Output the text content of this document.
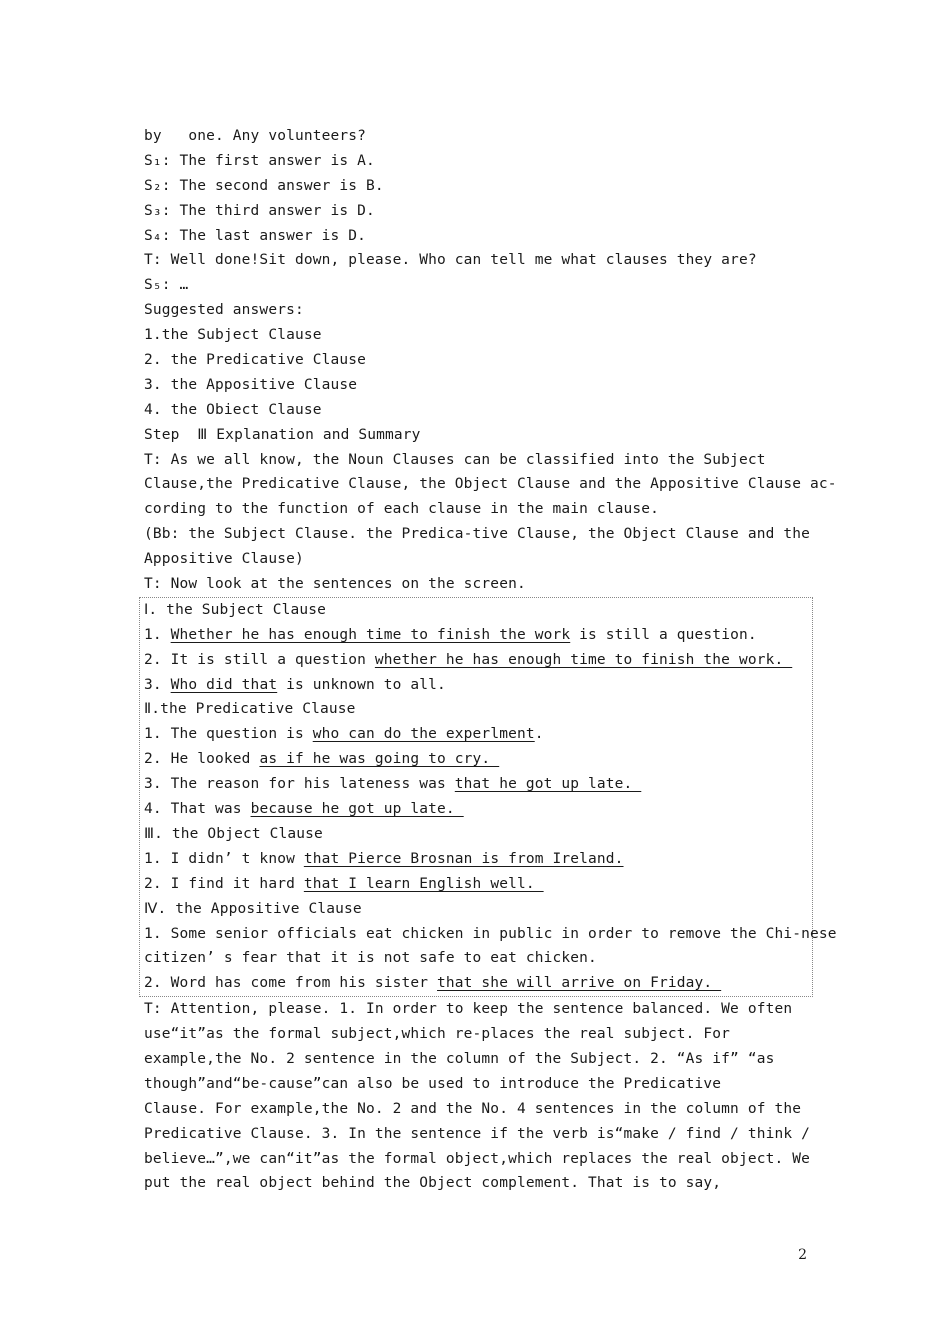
by   one. Any volunteers?
S₁: The first answer is A.
S₂: The second answer is B.
S₃: The third answer is D.
S₄: The last answer is D.
T: Well done!Sit down, please. Who can tell me what clauses they are?
S₅: …
Suggested answers:
1.the Subject Clause
2. the Predicative Clause
3. the Appositive Clause
4. the Obiect Clause
Step  Ⅲ Explanation and Summary
T: As we all know, the Noun Clauses can be classified into the Subject
Clause,the Predicative Clause, the Object Clause and the Appositive Clause ac-
cording to the function of each clause in the main clause.
(Bb: the Subject Clause. the Predica-tive Clause, the Object Clause and the
Appositive Clause)
T: Now look at the sentences on the screen.
Ⅰ. the Subject Clause
1. Whether he has enough time to finish the work is still a question.
2. It is still a question whether he has enough time to finish the work.
3. Who did that is unknown to all.
Ⅱ.the Predicative Clause
1. The question is who can do the experlment.
2. He looked as if he was going to cry.
3. The reason for his lateness was that he got up late.
4. That was because he got up late.
Ⅲ. the Object Clause
1. I didn’ t know that Pierce Brosnan is from Ireland.
2. I find it hard that I learn English well.
Ⅳ. the Appositive Clause
1. Some senior officials eat chicken in public in order to remove the Chi-nese
citizen’ s fear that it is not safe to eat chicken.
2. Word has come from his sister that she will arrive on Friday.
T: Attention, please. 1. In order to keep the sentence balanced. We often
use“it”as the formal subject,which re-places the real subject. For
example,the No. 2 sentence in the column of the Subject. 2. “As if” “as
though”and“be-cause”can also be used to introduce the Predicative
Clause. For example,the No. 2 and the No. 4 sentences in the column of the
Predicative Clause. 3. In the sentence if the verb is“make / find / think /
believe…”,we can“it”as the formal object,which replaces the real object. We
put the real object behind the Object complement. That is to say,
2
